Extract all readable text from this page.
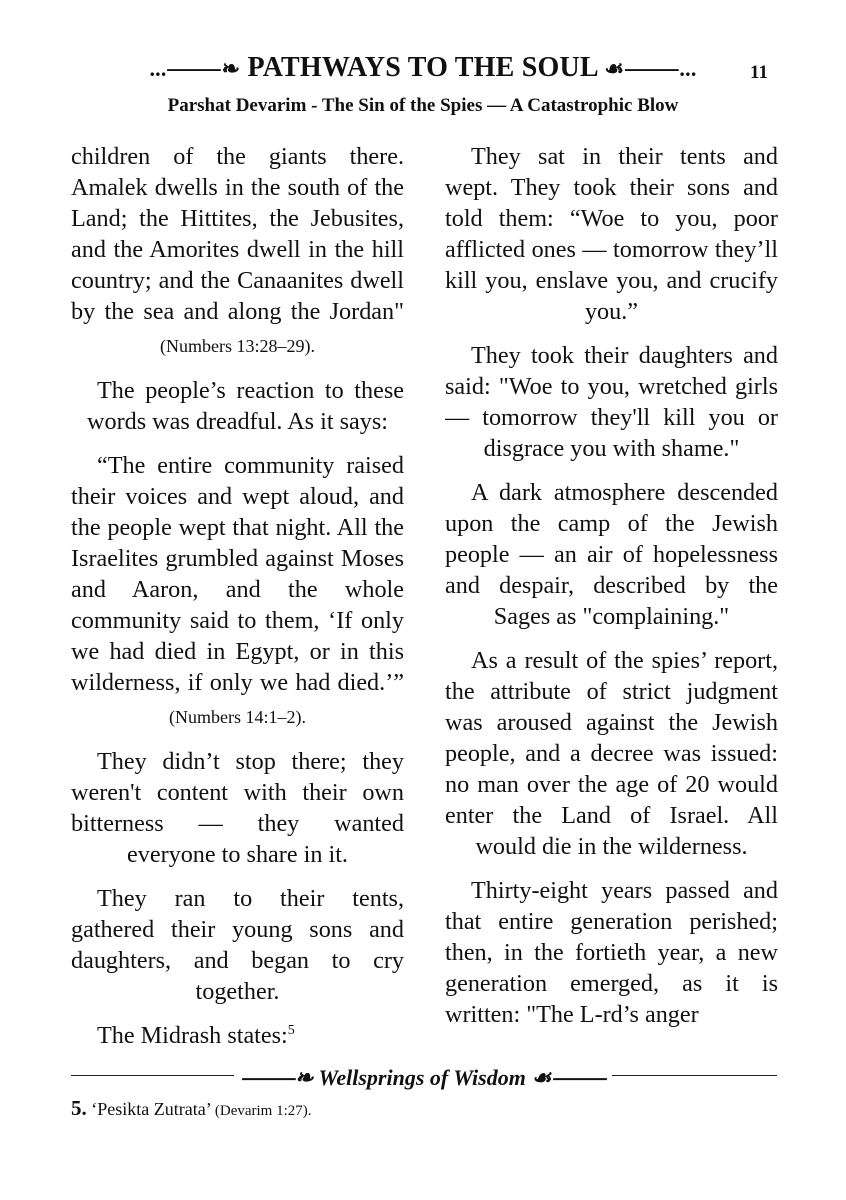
...⸻❧ PATHWAYS TO THE SOUL ☙⸻...	11
Parshat Devarim - The Sin of the Spies — A Catastrophic Blow

children of the giants there. Amalek dwells in the south of the Land; the Hittites, the Jebusites, and the Amorites dwell in the hill country; and the Canaanites dwell by the sea and along the Jordan" (Numbers 13:28–29).

The people’s reaction to these words was dreadful. As it says:

“The entire community raised their voices and wept aloud, and the people wept that night. All the Israelites grumbled against Moses and Aaron, and the whole community said to them, ‘If only we had died in Egypt, or in this wilderness, if only we had died.’” (Numbers 14:1–2).

They didn’t stop there; they weren't content with their own bitterness — they wanted everyone to share in it.

They ran to their tents, gathered their young sons and daughters, and began to cry together.

The Midrash states:$^5$

They sat in their tents and wept. They took their sons and told them: “Woe to you, poor afflicted ones — tomorrow they’ll kill you, enslave you, and crucify you.”

They took their daughters and said: "Woe to you, wretched girls — tomorrow they'll kill you or disgrace you with shame."

A dark atmosphere descended upon the camp of the Jewish people — an air of hopelessness and despair, described by the Sages as "complaining."

As a result of the spies’ report, the attribute of strict judgment was aroused against the Jewish people, and a decree was issued: no man over the age of 20 would enter the Land of Israel. All would die in the wilderness.

Thirty-eight years passed and that entire generation perished; then, in the fortieth year, a new generation emerged, as it is written: "The L-rd’s anger

⸻❧ Wellsprings of Wisdom ☙⸻
5. ‘Pesikta Zutrata’ (Devarim 1:27).
